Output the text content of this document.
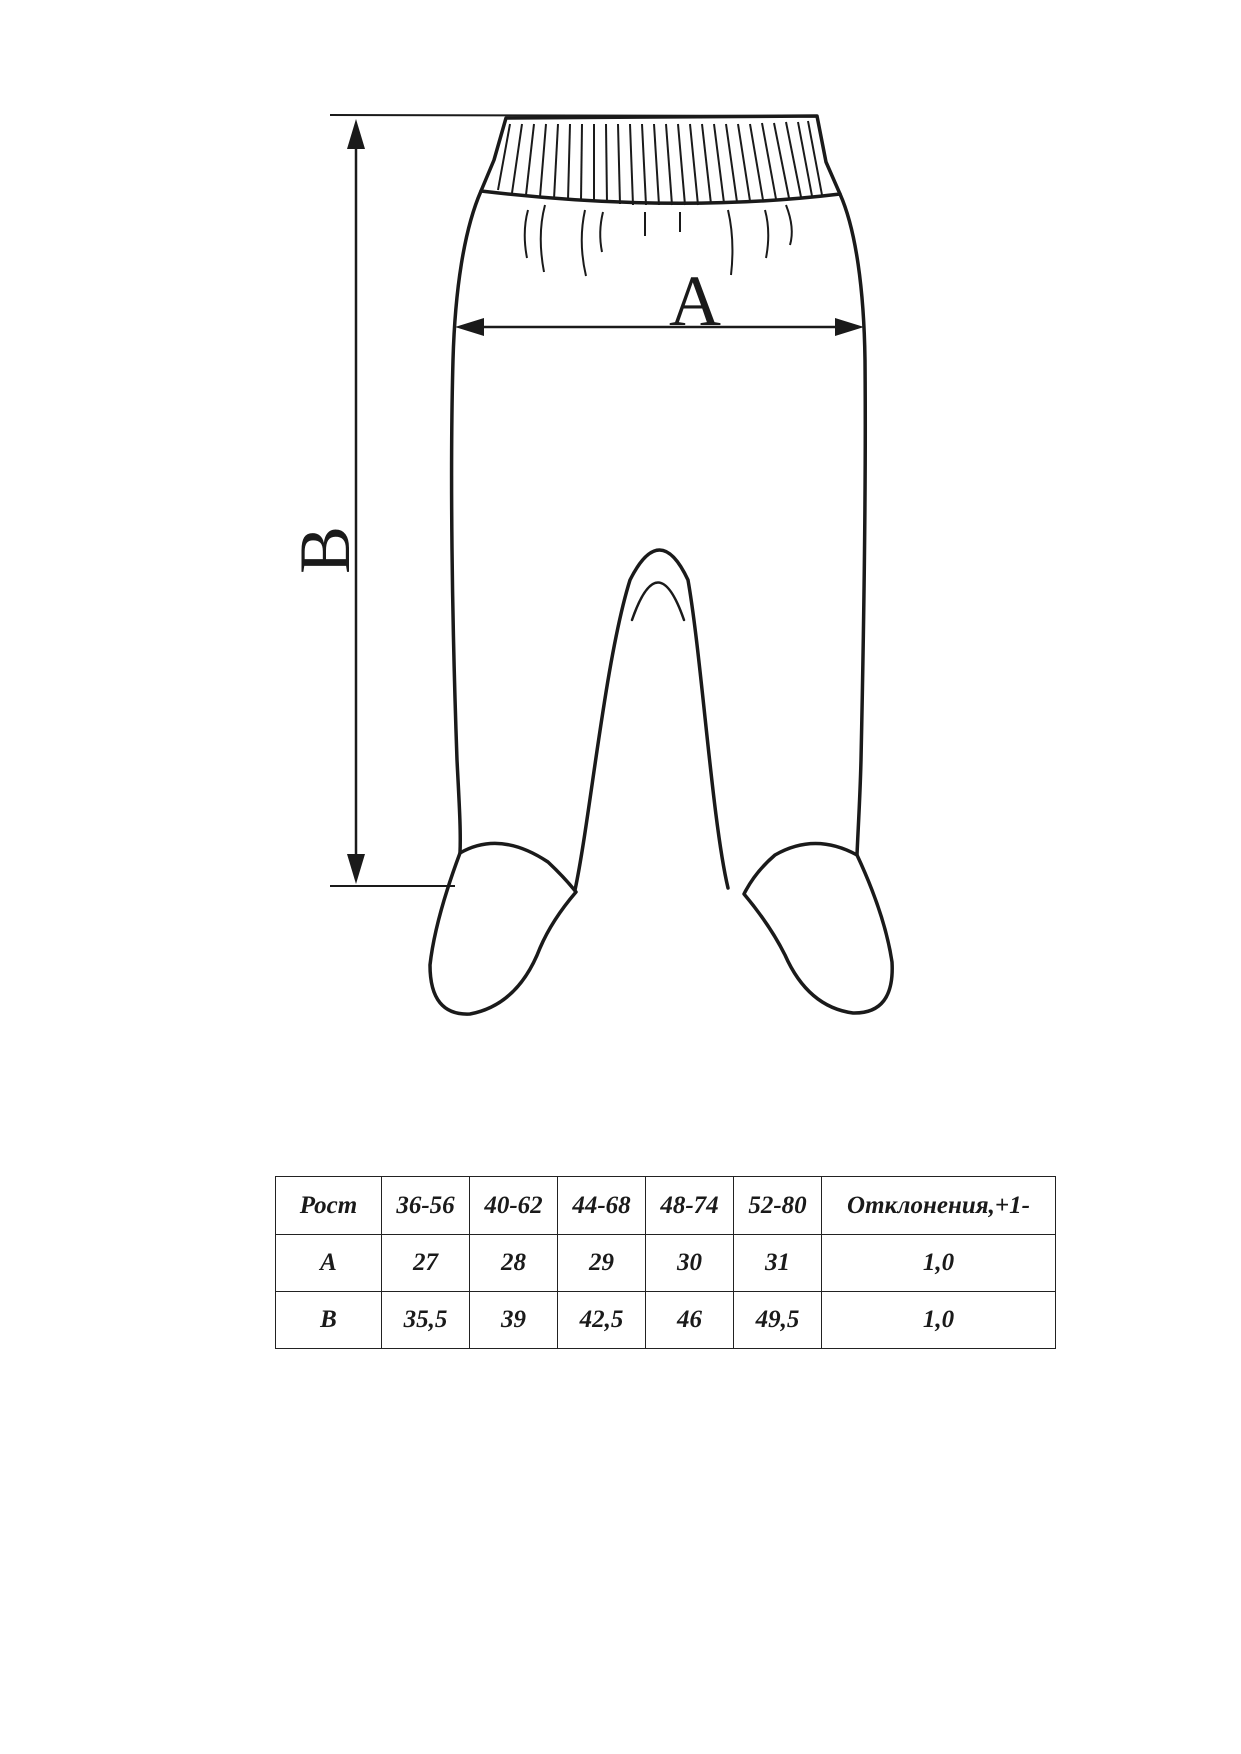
A
B
Рост	36-56	40-62	44-68	48-74	52-80	Отклонения,+1-
A	27	28	29	30	31	1,0
B	35,5	39	42,5	46	49,5	1,0
